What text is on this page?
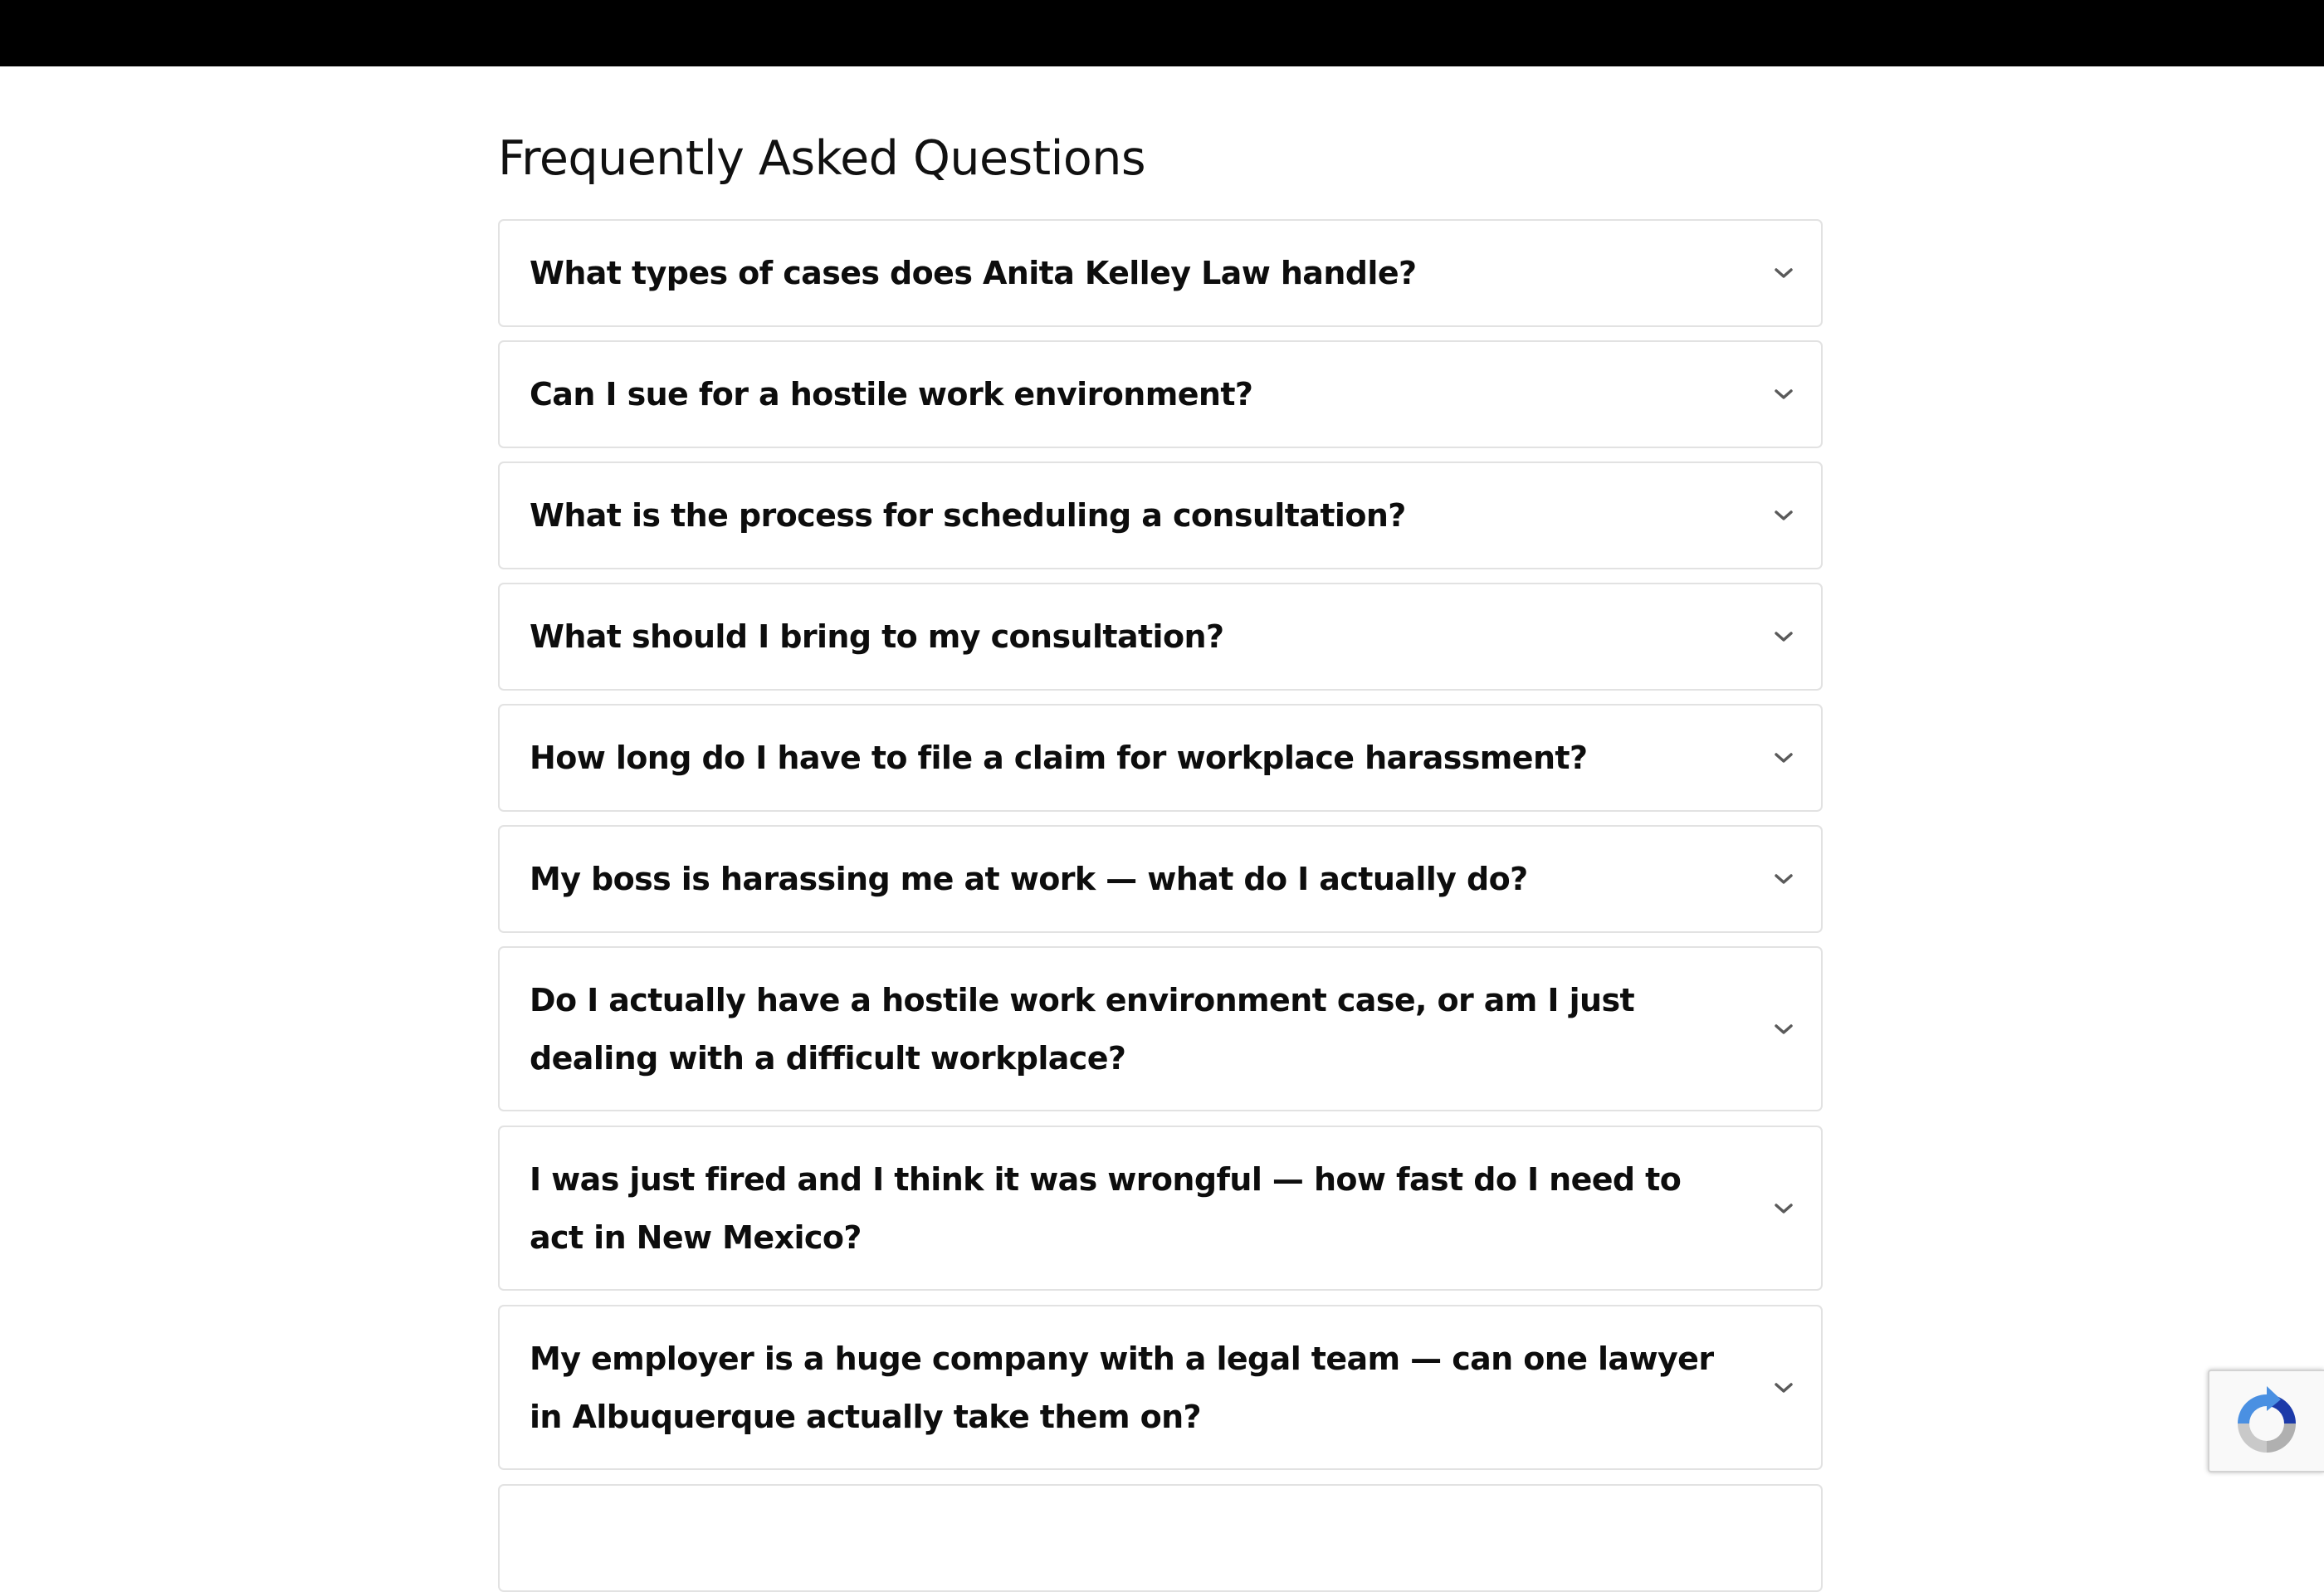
Frequently Asked Questions
What types of cases does Anita Kelley Law handle?
Can I sue for a hostile work environment?
What is the process for scheduling a consultation?
What should I bring to my consultation?
How long do I have to file a claim for workplace harassment?
My boss is harassing me at work — what do I actually do?
Do I actually have a hostile work environment case, or am I just dealing with a difficult workplace?
I was just fired and I think it was wrongful — how fast do I need to act in New Mexico?
My employer is a huge company with a legal team — can one lawyer in Albuquerque actually take them on?
